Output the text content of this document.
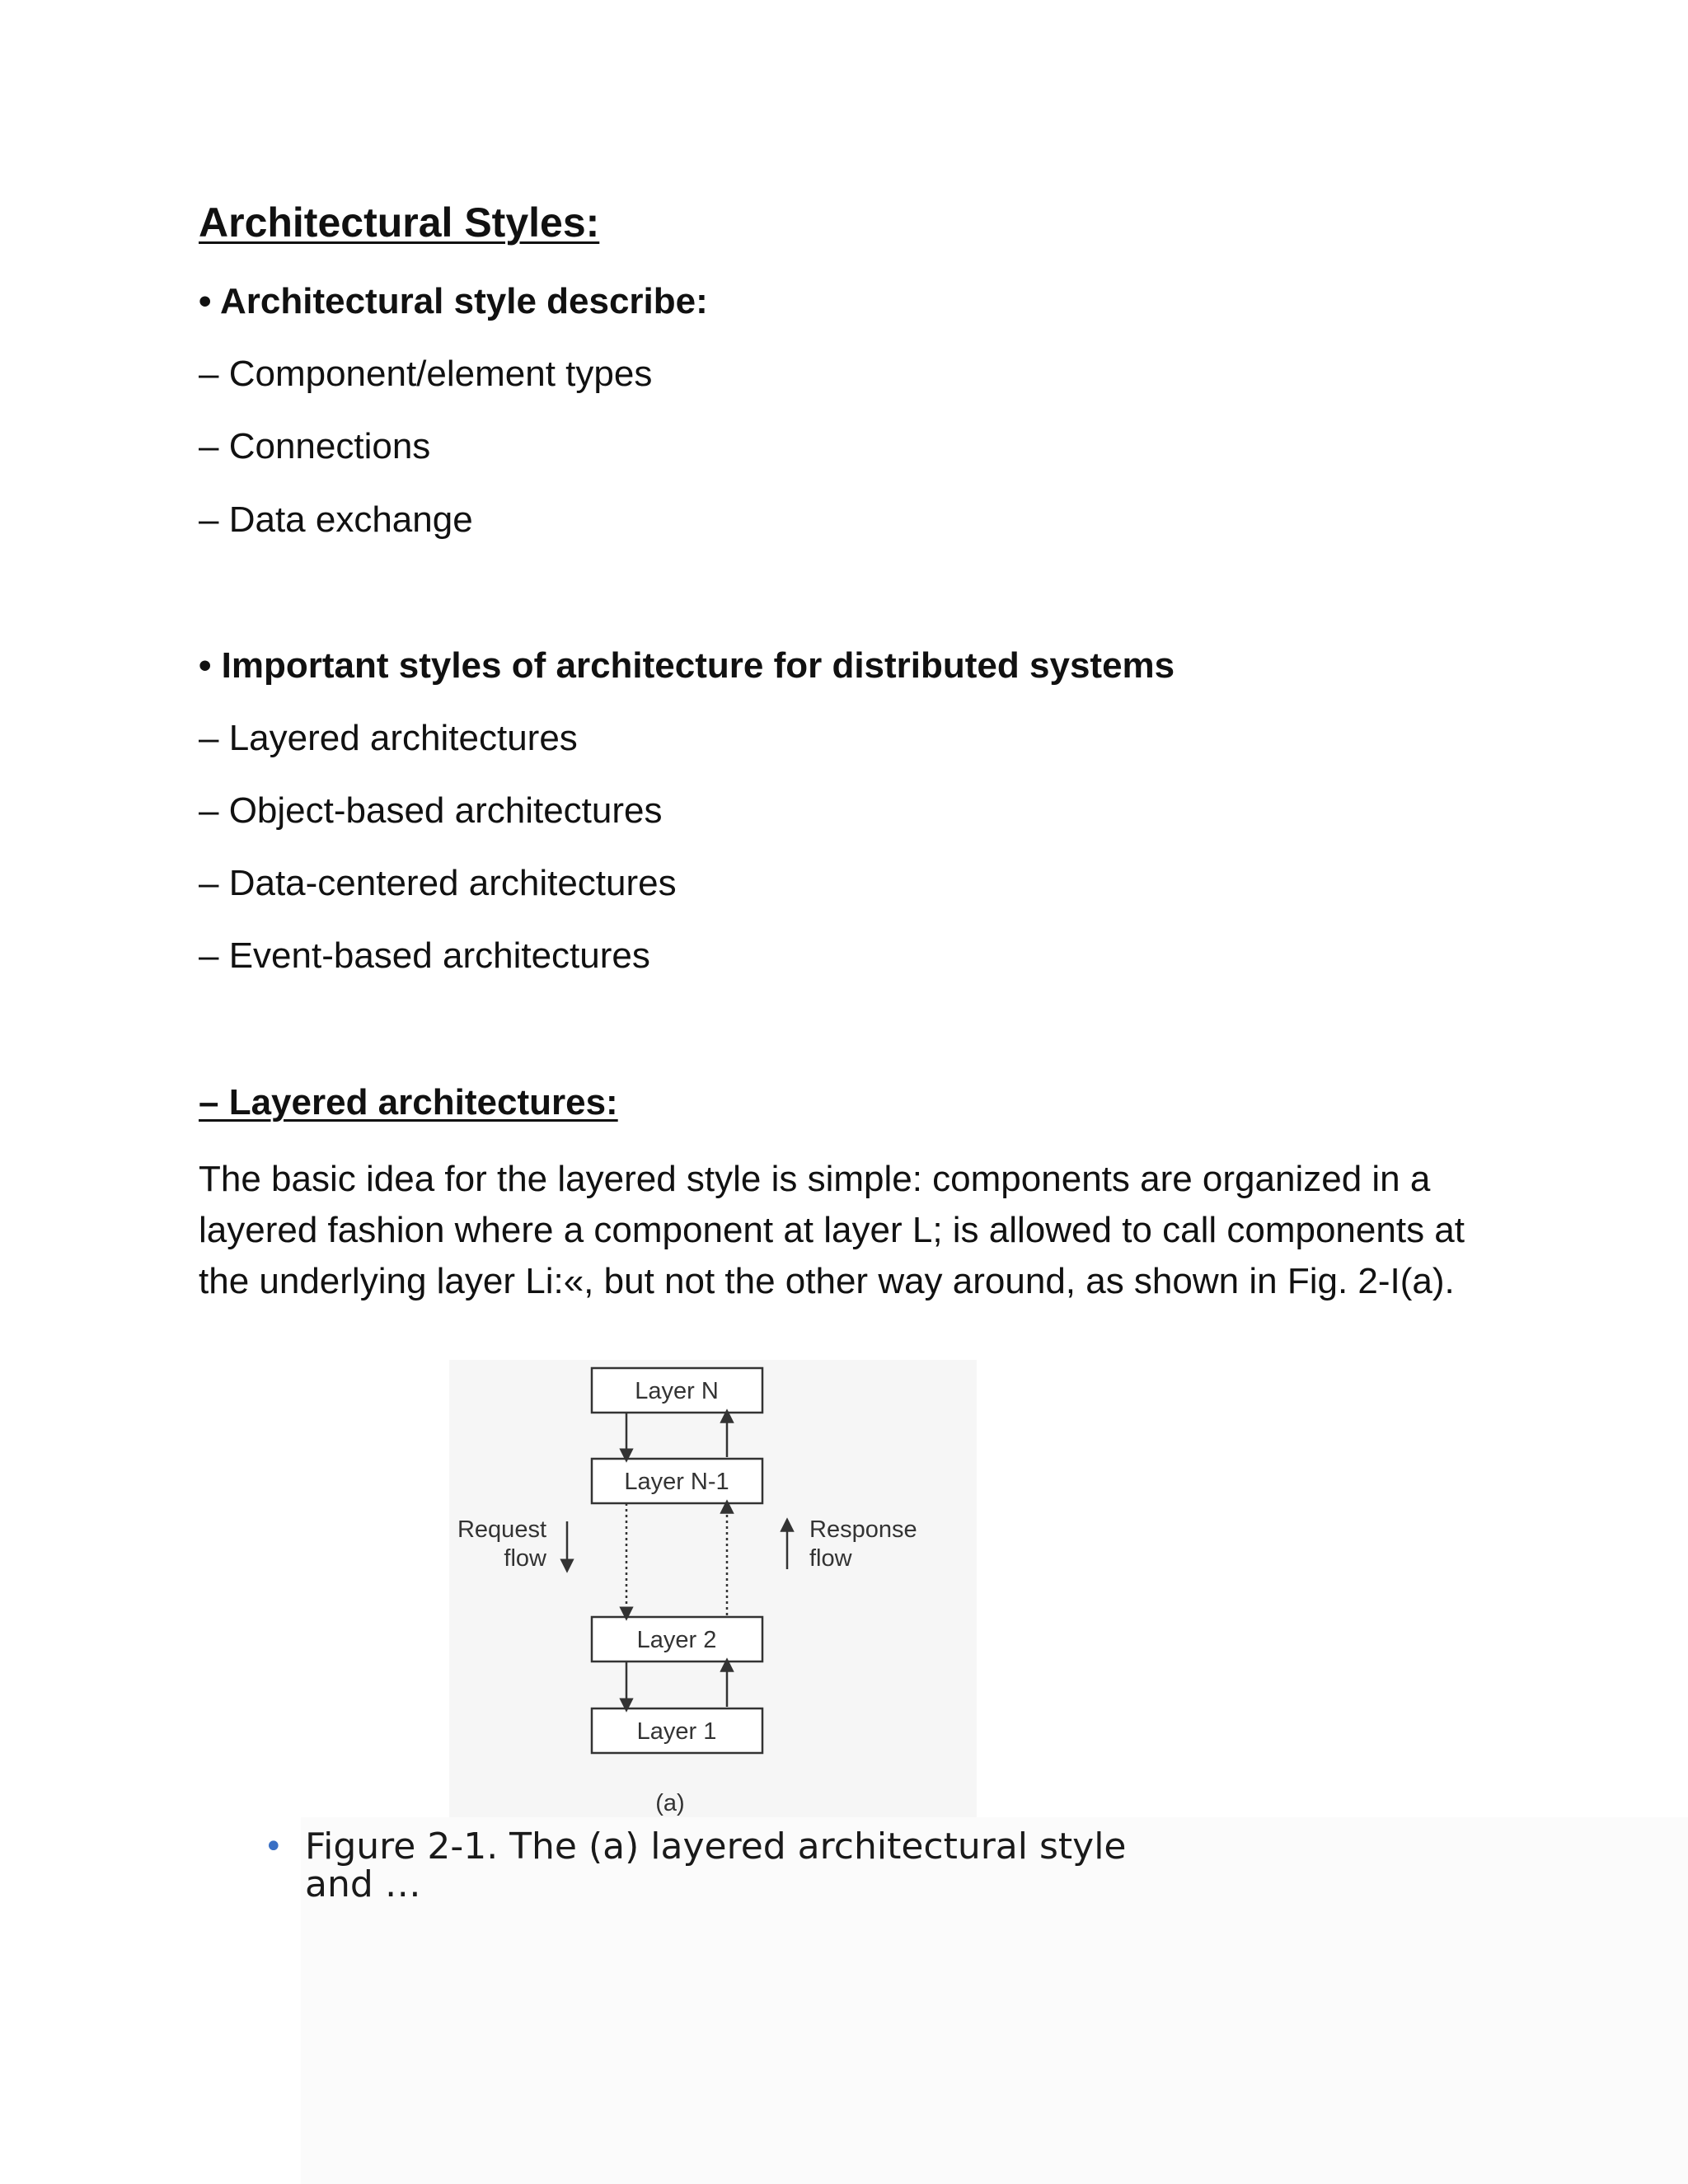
Architectural Styles:
• Architectural style describe:
– Component/element types
– Connections
– Data exchange
• Important styles of architecture for distributed systems
– Layered architectures
– Object-based architectures
– Data-centered architectures
– Event-based architectures
– Layered architectures:
The basic idea for the layered style is simple: components are organized in a
layered fashion where a component at layer L; is allowed to call components at
the underlying layer Li:«, but not the other way around, as shown in Fig. 2-I(a).
Layer N
Layer N-1
Layer 2
Layer 1
Request
flow
Response
flow
(a)
• Figure 2-1. The (a) layered architectural style and …
